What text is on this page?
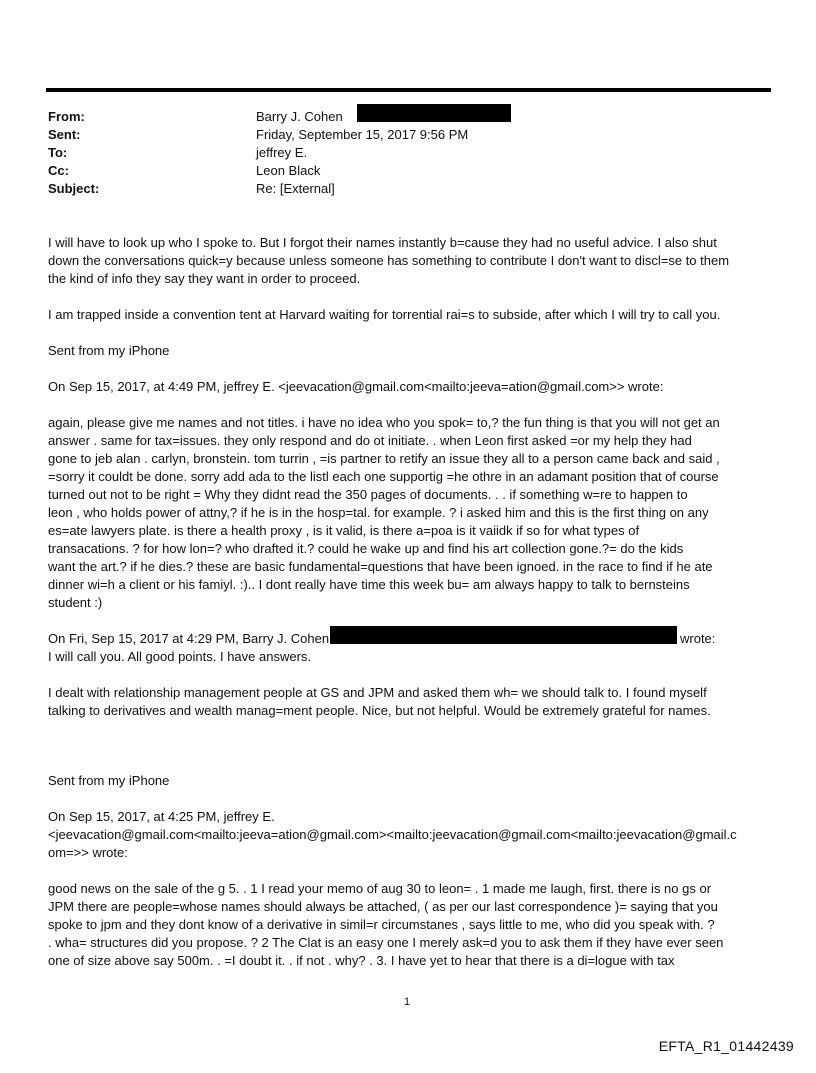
From:	Barry J. Cohen
Sent:	Friday, September 15, 2017 9:56 PM
To:	jeffrey E.
Cc:	Leon Black
Subject:	Re: [External]
I will have to look up who I spoke to. But I forgot their names instantly b=cause they had no useful advice. I also shut
down the conversations quick=y because unless someone has something to contribute I don't want to discl=se to them
the kind of info they say they want in order to proceed.
I am trapped inside a convention tent at Harvard waiting for torrential rai=s to subside, after which I will try to call you.
Sent from my iPhone
On Sep 15, 2017, at 4:49 PM, jeffrey E. <jeevacation@gmail.com<mailto:jeeva=ation@gmail.com>> wrote:
again, please give me names and not titles. i have no idea who you spok= to,? the fun thing is that you will not get an
answer . same for tax=issues. they only respond and do ot initiate. . when Leon first asked =or my help they had
gone to jeb alan . carlyn, bronstein. tom turrin , =is partner to retify an issue they all to a person came back and said ,
=sorry it couldt be done. sorry add ada to the listl each one supportig =he othre in an adamant position that of course
turned out not to be right = Why they didnt read the 350 pages of documents. . . if something w=re to happen to
leon , who holds power of attny,? if he is in the hosp=tal. for example. ? i asked him and this is the first thing on any
es=ate lawyers plate. is there a health proxy , is it valid, is there a=poa is it vaiidk if so for what types of
transacations. ? for how lon=? who drafted it.? could he wake up and find his art collection gone.?= do the kids
want the art.? if he dies.? these are basic fundamental=questions that have been ignoed. in the race to find if he ate
dinner wi=h a client or his famiyl. :).. I dont really have time this week bu= am always happy to talk to bernsteins
student :)
On Fri, Sep 15, 2017 at 4:29 PM, Barry J. Cohen
I will call you. All good points. I have answers.
wrote:
I dealt with relationship management people at GS and JPM and asked them wh= we should talk to. I found myself
talking to derivatives and wealth manag=ment people. Nice, but not helpful. Would be extremely grateful for names.
Sent from my iPhone
On Sep 15, 2017, at 4:25 PM, jeffrey E.
<jeevacation@gmail.com<mailto:jeeva=ation@gmail.com><mailto:jeevacation@gmail.com<mailto:jeevacation@gmail.c
om=>> wrote:
good news on the sale of the g 5. . 1 I read your memo of aug 30 to leon= . 1 made me laugh, first. there is no gs or
JPM there are people=whose names should always be attached, ( as per our last correspondence )= saying that you
spoke to jpm and they dont know of a derivative in simil=r circumstanes , says little to me, who did you speak with. ?
. wha= structures did you propose. ? 2 The Clat is an easy one I merely ask=d you to ask them if they have ever seen
one of size above say 500m. . =I doubt it. . if not . why? . 3. I have yet to hear that there is a di=logue with tax
1
EFTA_R1_01442439
